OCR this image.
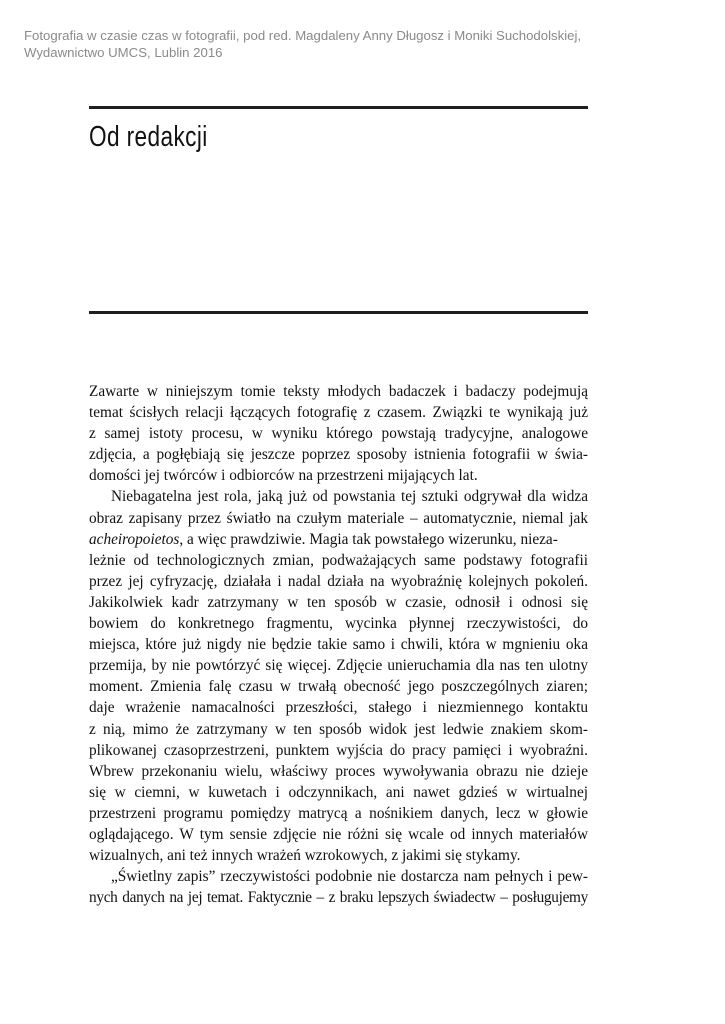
Fotografia w czasie czas w fotografii, pod red. Magdaleny Anny Długosz i Moniki Suchodolskiej,
Wydawnictwo UMCS, Lublin 2016
Od redakcji
Zawarte w niniejszym tomie teksty młodych badaczek i badaczy podejmują
temat ścisłych relacji łączących fotografię z czasem. Związki te wynikają już
z samej istoty procesu, w wyniku którego powstają tradycyjne, analogowe
zdjęcia, a pogłębiają się jeszcze poprzez sposoby istnienia fotografii w świa-
domości jej twórców i odbiorców na przestrzeni mijających lat.
Niebagatelna jest rola, jaką już od powstania tej sztuki odgrywał dla widza
obraz zapisany przez światło na czułym materiale – automatycznie, niemal jak
acheiropoietos, a więc prawdziwie. Magia tak powstałego wizerunku, nieza-
leżnie od technologicznych zmian, podważających same podstawy fotografii
przez jej cyfryzację, działała i nadal działa na wyobraźnię kolejnych pokoleń.
Jakikolwiek kadr zatrzymany w ten sposób w czasie, odnosił i odnosi się
bowiem do konkretnego fragmentu, wycinka płynnej rzeczywistości, do
miejsca, które już nigdy nie będzie takie samo i chwili, która w mgnieniu oka
przemija, by nie powtórzyć się więcej. Zdjęcie unieruchamia dla nas ten ulotny
moment. Zmienia falę czasu w trwałą obecność jego poszczególnych ziaren;
daje wrażenie namacalności przeszłości, stałego i niezmiennego kontaktu
z nią, mimo że zatrzymany w ten sposób widok jest ledwie znakiem skom-
plikowanej czasoprzestrzeni, punktem wyjścia do pracy pamięci i wyobraźni.
Wbrew przekonaniu wielu, właściwy proces wywoływania obrazu nie dzieje
się w ciemni, w kuwetach i odczynnikach, ani nawet gdzieś w wirtualnej
przestrzeni programu pomiędzy matrycą a nośnikiem danych, lecz w głowie
oglądającego. W tym sensie zdjęcie nie różni się wcale od innych materiałów
wizualnych, ani też innych wrażeń wzrokowych, z jakimi się stykamy.
„Świetlny zapis” rzeczywistości podobnie nie dostarcza nam pełnych i pew-
nych danych na jej temat. Faktycznie – z braku lepszych świadectw – posługujemy
